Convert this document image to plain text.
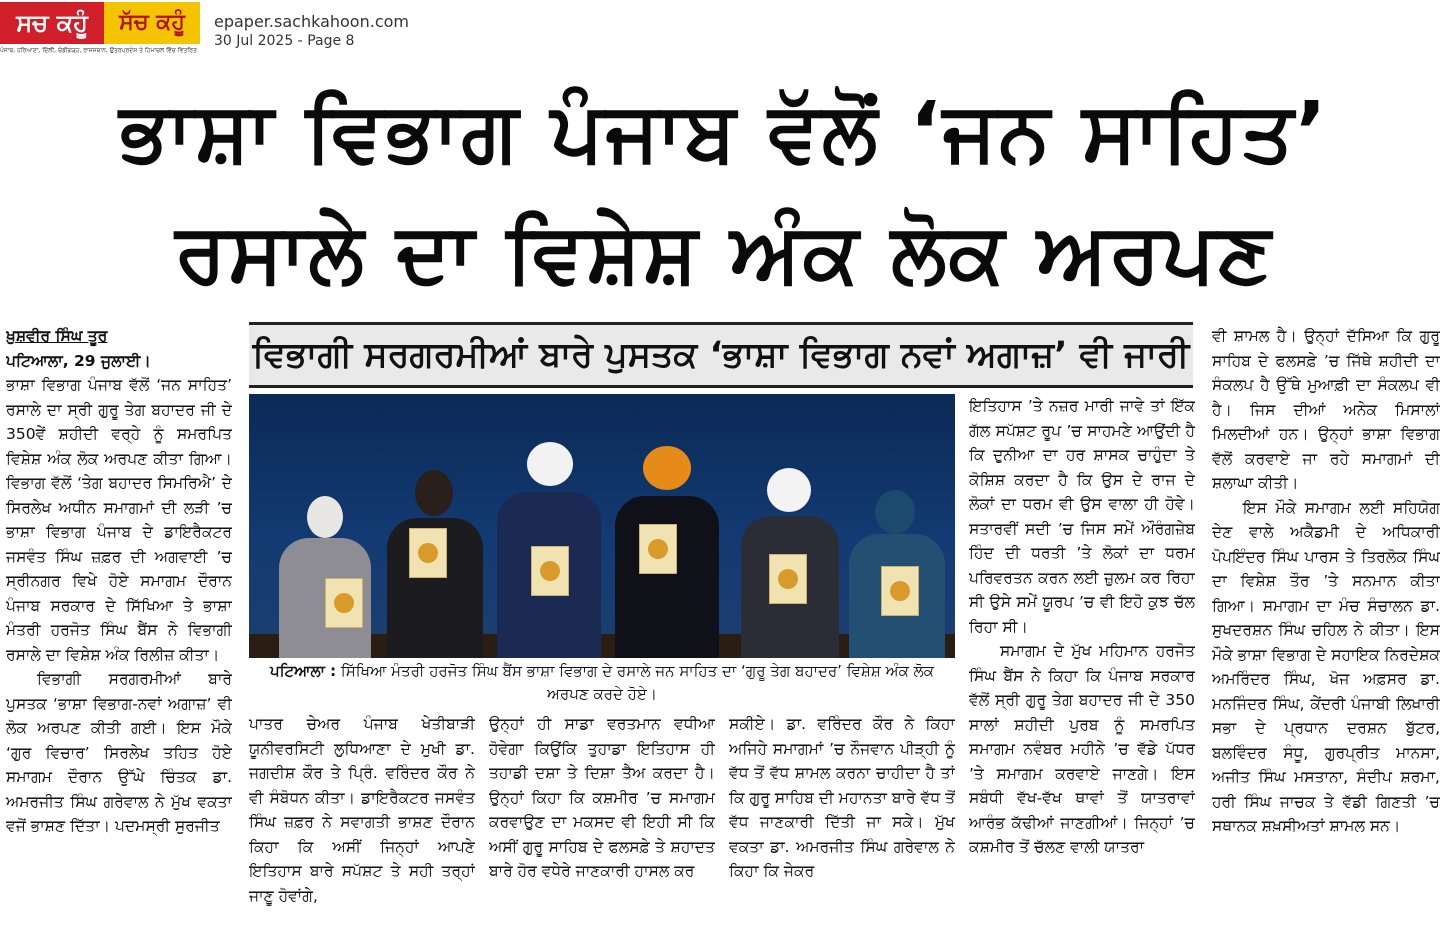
ਸਚ ਕਹੂੰ ਸੱਚ ਕਹੂੰ
ਪੰਜਾਬ, ਹਰਿਆਣਾ, ਦਿੱਲੀ, ਚੰਡੀਗੜ੍ਹ, ਰਾਜਸਥਾਨ, ਉਤਰਪ੍ਰਦੇਸ਼ ਤੇ ਹਿਮਾਚਲ ਵਿੱਚ ਵਿਤਰਿਤ
epaper.sachkahoon.com
30 Jul 2025 - Page 8
ਭਾਸ਼ਾ ਵਿਭਾਗ ਪੰਜਾਬ ਵੱਲੋਂ ‘ਜਨ ਸਾਹਿਤ’
ਰਸਾਲੇ ਦਾ ਵਿਸ਼ੇਸ਼ ਅੰਕ ਲੋਕ ਅਰਪਣ

ਖ਼ੁਸ਼ਵੀਰ ਸਿੰਘ ਤੂਰ

ਪਟਿਆਲਾ, 29 ਜੁਲਾਈ।

ਭਾਸ਼ਾ ਵਿਭਾਗ ਪੰਜਾਬ ਵੱਲੋਂ ‘ਜਨ ਸਾਹਿਤ’ ਰਸਾਲੇ ਦਾ ਸ੍ਰੀ ਗੁਰੂ ਤੇਗ ਬਹਾਦਰ ਜੀ ਦੇ 350ਵੇਂ ਸ਼ਹੀਦੀ ਵਰ੍ਹੇ ਨੂੰ ਸਮਰਪਿਤ ਵਿਸ਼ੇਸ਼ ਅੰਕ ਲੋਕ ਅਰਪਣ ਕੀਤਾ ਗਿਆ। ਵਿਭਾਗ ਵੱਲੋਂ ‘ਤੇਗ ਬਹਾਦਰ ਸਿਮਰਿਐ’ ਦੇ ਸਿਰਲੇਖ ਅਧੀਨ ਸਮਾਗਮਾਂ ਦੀ ਲੜੀ ’ਚ ਭਾਸ਼ਾ ਵਿਭਾਗ ਪੰਜਾਬ ਦੇ ਡਾਇਰੈਕਟਰ ਜਸਵੰਤ ਸਿੰਘ ਜ਼ਫ਼ਰ ਦੀ ਅਗਵਾਈ ’ਚ ਸ੍ਰੀਨਗਰ ਵਿਖੇ ਹੋਏ ਸਮਾਗਮ ਦੌਰਾਨ ਪੰਜਾਬ ਸਰਕਾਰ ਦੇ ਸਿੱਖਿਆ ਤੇ ਭਾਸ਼ਾ ਮੰਤਰੀ ਹਰਜੋਤ ਸਿੰਘ ਬੈਂਸ ਨੇ ਵਿਭਾਗੀ ਰਸਾਲੇ ਦਾ ਵਿਸ਼ੇਸ਼ ਅੰਕ ਰਿਲੀਜ਼ ਕੀਤਾ।

ਵਿਭਾਗੀ ਸਰਗਰਮੀਆਂ ਬਾਰੇ ਪੁਸਤਕ ‘ਭਾਸ਼ਾ ਵਿਭਾਗ-ਨਵਾਂ ਅਗਾਜ਼’ ਵੀ ਲੋਕ ਅਰਪਣ ਕੀਤੀ ਗਈ। ਇਸ ਮੌਕੇ ‘ਗੁਰ ਵਿਚਾਰ’ ਸਿਰਲੇਖ ਤਹਿਤ ਹੋਏ ਸਮਾਗਮ ਦੌਰਾਨ ਉੱਘੇ ਚਿੰਤਕ ਡਾ. ਅਮਰਜੀਤ ਸਿੰਘ ਗਰੇਵਾਲ ਨੇ ਮੁੱਖ ਵਕਤਾ ਵਜੋਂ ਭਾਸ਼ਣ ਦਿੱਤਾ। ਪਦਮਸ੍ਰੀ ਸੁਰਜੀਤ

ਵਿਭਾਗੀ ਸਰਗਰਮੀਆਂ ਬਾਰੇ ਪੁਸਤਕ ‘ਭਾਸ਼ਾ ਵਿਭਾਗ ਨਵਾਂ ਅਗਾਜ਼’ ਵੀ ਜਾਰੀ
ਪਟਿਆਲਾ : ਸਿੱਖਿਆ ਮੰਤਰੀ ਹਰਜੋਤ ਸਿੰਘ ਬੈਂਸ ਭਾਸ਼ਾ ਵਿਭਾਗ ਦੇ ਰਸਾਲੇ ਜਨ ਸਾਹਿਤ ਦਾ ‘ਗੁਰੂ ਤੇਗ ਬਹਾਦਰ’ ਵਿਸ਼ੇਸ਼ ਅੰਕ ਲੋਕ ਅਰਪਣ ਕਰਦੇ ਹੋਏ।

ਪਾਤਰ ਚੇਅਰ ਪੰਜਾਬ ਖੇਤੀਬਾੜੀ ਯੂਨੀਵਰਸਿਟੀ ਲੁਧਿਆਣਾ ਦੇ ਮੁਖੀ ਡਾ. ਜਗਦੀਸ਼ ਕੌਰ ਤੇ ਪ੍ਰਿੰ. ਵਰਿੰਦਰ ਕੌਰ ਨੇ ਵੀ ਸੰਬੋਧਨ ਕੀਤਾ। ਡਾਇਰੈਕਟਰ ਜਸਵੰਤ ਸਿੰਘ ਜ਼ਫ਼ਰ ਨੇ ਸਵਾਗਤੀ ਭਾਸ਼ਣ ਦੌਰਾਨ ਕਿਹਾ ਕਿ ਅਸੀਂ ਜਿਨ੍ਹਾਂ ਆਪਣੇ ਇਤਿਹਾਸ ਬਾਰੇ ਸਪੱਸ਼ਟ ਤੇ ਸਹੀ ਤਰ੍ਹਾਂ ਜਾਣੂ ਹੋਵਾਂਗੇ,

ਉਨ੍ਹਾਂ ਹੀ ਸਾਡਾ ਵਰਤਮਾਨ ਵਧੀਆ ਹੋਵੇਗਾ ਕਿਉਂਕਿ ਤੁਹਾਡਾ ਇਤਿਹਾਸ ਹੀ ਤਹਾਡੀ ਦਸ਼ਾ ਤੇ ਦਿਸ਼ਾ ਤੈਅ ਕਰਦਾ ਹੈ। ਉਨ੍ਹਾਂ ਕਿਹਾ ਕਿ ਕਸ਼ਮੀਰ ’ਚ ਸਮਾਗਮ ਕਰਵਾਉਣ ਦਾ ਮਕਸਦ ਵੀ ਇਹੀ ਸੀ ਕਿ ਅਸੀਂ ਗੁਰੂ ਸਾਹਿਬ ਦੇ ਫਲਸਫ਼ੇ ਤੇ ਸ਼ਹਾਦਤ ਬਾਰੇ ਹੋਰ ਵਧੇਰੇ ਜਾਣਕਾਰੀ ਹਾਸਲ ਕਰ

ਸਕੀਏ। ਡਾ. ਵਰਿੰਦਰ ਕੌਰ ਨੇ ਕਿਹਾ ਅਜਿਹੇ ਸਮਾਗਮਾਂ ’ਚ ਨੌਜਵਾਨ ਪੀੜ੍ਹੀ ਨੂੰ ਵੱਧ ਤੋਂ ਵੱਧ ਸ਼ਾਮਲ ਕਰਨਾ ਚਾਹੀਦਾ ਹੈ ਤਾਂ ਕਿ ਗੁਰੂ ਸਾਹਿਬ ਦੀ ਮਹਾਨਤਾ ਬਾਰੇ ਵੱਧ ਤੋਂ ਵੱਧ ਜਾਣਕਾਰੀ ਦਿੱਤੀ ਜਾ ਸਕੇ। ਮੁੱਖ ਵਕਤਾ ਡਾ. ਅਮਰਜੀਤ ਸਿੰਘ ਗਰੇਵਾਲ ਨੇ ਕਿਹਾ ਕਿ ਜੇਕਰ

ਇਤਿਹਾਸ ’ਤੇ ਨਜ਼ਰ ਮਾਰੀ ਜਾਵੇ ਤਾਂ ਇੱਕ ਗੱਲ ਸਪੱਸ਼ਟ ਰੂਪ ’ਚ ਸਾਹਮਣੇ ਆਉਂਦੀ ਹੈ ਕਿ ਦੁਨੀਆ ਦਾ ਹਰ ਸ਼ਾਸਕ ਚਾਹੁੰਦਾ ਤੇ ਕੋਸ਼ਿਸ਼ ਕਰਦਾ ਹੈ ਕਿ ਉਸ ਦੇ ਰਾਜ ਦੇ ਲੋਕਾਂ ਦਾ ਧਰਮ ਵੀ ਉਸ ਵਾਲਾ ਹੀ ਹੋਵੇ। ਸਤਾਰਵੀਂ ਸਦੀ ’ਚ ਜਿਸ ਸਮੇਂ ਔਰੰਗਜ਼ੇਬ ਹਿੰਦ ਦੀ ਧਰਤੀ ’ਤੇ ਲੋਕਾਂ ਦਾ ਧਰਮ ਪਰਿਵਰਤਨ ਕਰਨ ਲਈ ਜ਼ੁਲਮ ਕਰ ਰਿਹਾ ਸੀ ਉਸੇ ਸਮੇਂ ਯੂਰਪ ’ਚ ਵੀ ਇਹੋ ਕੁਝ ਚੱਲ ਰਿਹਾ ਸੀ।

ਸਮਾਗਮ ਦੇ ਮੁੱਖ ਮਹਿਮਾਨ ਹਰਜੋਤ ਸਿੰਘ ਬੈਂਸ ਨੇ ਕਿਹਾ ਕਿ ਪੰਜਾਬ ਸਰਕਾਰ ਵੱਲੋਂ ਸ੍ਰੀ ਗੁਰੂ ਤੇਗ ਬਹਾਦਰ ਜੀ ਦੇ 350 ਸਾਲਾਂ ਸ਼ਹੀਦੀ ਪੁਰਬ ਨੂੰ ਸਮਰਪਿਤ ਸਮਾਗਮ ਨਵੰਬਰ ਮਹੀਨੇ ’ਚ ਵੱਡੇ ਪੱਧਰ ’ਤੇ ਸਮਾਗਮ ਕਰਵਾਏ ਜਾਣਗੇ। ਇਸ ਸਬੰਧੀ ਵੱਖ-ਵੱਖ ਥਾਵਾਂ ਤੋਂ ਯਾਤਰਾਵਾਂ ਆਰੰਭ ਕੱਢੀਆਂ ਜਾਣਗੀਆਂ। ਜਿਨ੍ਹਾਂ ’ਚ ਕਸ਼ਮੀਰ ਤੋਂ ਚੱਲਣ ਵਾਲੀ ਯਾਤਰਾ

ਵੀ ਸ਼ਾਮਲ ਹੈ। ਉਨ੍ਹਾਂ ਦੱਸਿਆ ਕਿ ਗੁਰੂ ਸਾਹਿਬ ਦੇ ਫਲਸਫ਼ੇ ’ਚ ਜਿੱਥੇ ਸ਼ਹੀਦੀ ਦਾ ਸੰਕਲਪ ਹੈ ਉੱਥੇ ਮੁਆਫ਼ੀ ਦਾ ਸੰਕਲਪ ਵੀ ਹੈ। ਜਿਸ ਦੀਆਂ ਅਨੇਕ ਮਿਸਾਲਾਂ ਮਿਲਦੀਆਂ ਹਨ। ਉਨ੍ਹਾਂ ਭਾਸ਼ਾ ਵਿਭਾਗ ਵੱਲੋਂ ਕਰਵਾਏ ਜਾ ਰਹੇ ਸਮਾਗਮਾਂ ਦੀ ਸ਼ਲਾਘਾ ਕੀਤੀ।

ਇਸ ਮੌਕੇ ਸਮਾਗਮ ਲਈ ਸਹਿਯੋਗ ਦੇਣ ਵਾਲੇ ਅਕੈਡਮੀ ਦੇ ਅਧਿਕਾਰੀ ਪੋਪਇੰਦਰ ਸਿੰਘ ਪਾਰਸ ਤੇ ਤਿਰਲੋਕ ਸਿੰਘ ਦਾ ਵਿਸ਼ੇਸ਼ ਤੌਰ ’ਤੇ ਸਨਮਾਨ ਕੀਤਾ ਗਿਆ। ਸਮਾਗਮ ਦਾ ਮੰਚ ਸੰਚਾਲਨ ਡਾ. ਸੁਖਦਰਸ਼ਨ ਸਿੰਘ ਚਹਿਲ ਨੇ ਕੀਤਾ। ਇਸ ਮੌਕੇ ਭਾਸ਼ਾ ਵਿਭਾਗ ਦੇ ਸਹਾਇਕ ਨਿਰਦੇਸ਼ਕ ਅਮਰਿੰਦਰ ਸਿੰਘ, ਖੋਜ ਅਫ਼ਸਰ ਡਾ. ਮਨਜਿੰਦਰ ਸਿੰਘ, ਕੇਂਦਰੀ ਪੰਜਾਬੀ ਲਿਖਾਰੀ ਸਭਾ ਦੇ ਪ੍ਰਧਾਨ ਦਰਸ਼ਨ ਬੁੱਟਰ, ਬਲਵਿੰਦਰ ਸੰਧੂ, ਗੁਰਪ੍ਰੀਤ ਮਾਨਸਾ, ਅਜੀਤ ਸਿੰਘ ਮਸਤਾਨਾ, ਸੰਦੀਪ ਸ਼ਰਮਾ, ਹਰੀ ਸਿੰਘ ਜਾਚਕ ਤੇ ਵੱਡੀ ਗਿਣਤੀ ’ਚ ਸਥਾਨਕ ਸ਼ਖ਼ਸੀਅਤਾਂ ਸ਼ਾਮਲ ਸਨ।
